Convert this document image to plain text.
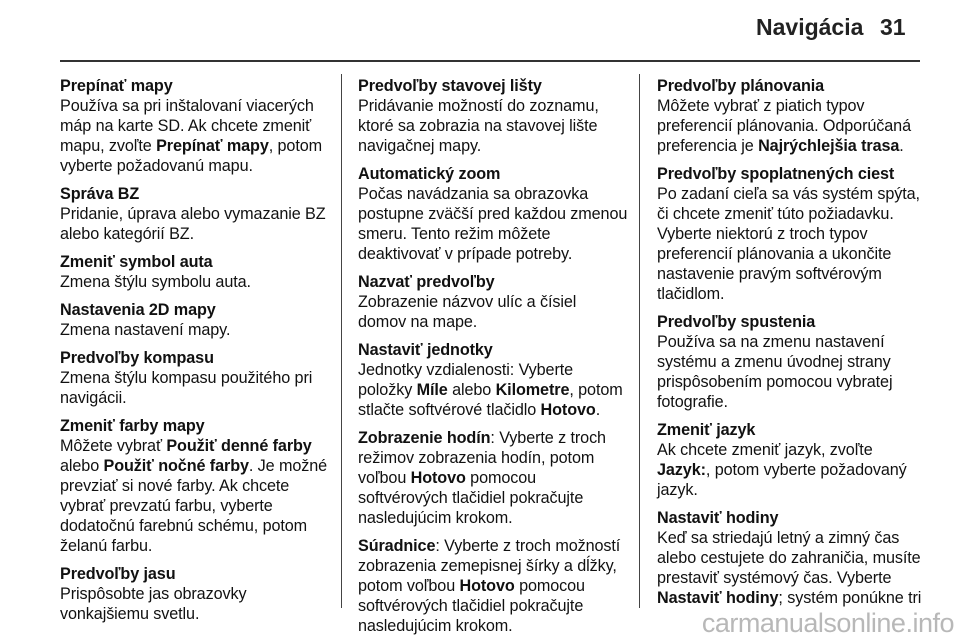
Navigácia 31
Prepínať mapy
Používa sa pri inštalovaní viacerých máp na karte SD. Ak chcete zmeniť mapu, zvoľte Prepínať mapy, potom vyberte požadovanú mapu.
Správa BZ
Pridanie, úprava alebo vymazanie BZ alebo kategórií BZ.
Zmeniť symbol auta
Zmena štýlu symbolu auta.
Nastavenia 2D mapy
Zmena nastavení mapy.
Predvoľby kompasu
Zmena štýlu kompasu použitého pri navigácii.
Zmeniť farby mapy
Môžete vybrať Použiť denné farby alebo Použiť nočné farby. Je možné prevziať si nové farby. Ak chcete vybrať prevzatú farbu, vyberte dodatočnú farebnú schému, potom želanú farbu.
Predvoľby jasu
Prispôsobte jas obrazovky vonkajšiemu svetlu.
Predvoľby stavovej lišty
Pridávanie možností do zoznamu, ktoré sa zobrazia na stavovej lište navigačnej mapy.
Automatický zoom
Počas navádzania sa obrazovka postupne zväčší pred každou zmenou smeru. Tento režim môžete deaktivovať v prípade potreby.
Nazvať predvoľby
Zobrazenie názvov ulíc a čísiel domov na mape.
Nastaviť jednotky
Jednotky vzdialenosti: Vyberte položky Míle alebo Kilometre, potom stlačte softvérové tlačidlo Hotovo.
Zobrazenie hodín: Vyberte z troch režimov zobrazenia hodín, potom voľbou Hotovo pomocou softvérových tlačidiel pokračujte nasledujúcim krokom.
Súradnice: Vyberte z troch možností zobrazenia zemepisnej šírky a dĺžky, potom voľbou Hotovo pomocou softvérových tlačidiel pokračujte nasledujúcim krokom.
Predvoľby plánovania
Môžete vybrať z piatich typov preferencií plánovania. Odporúčaná preferencia je Najrýchlejšia trasa.
Predvoľby spoplatnených ciest
Po zadaní cieľa sa vás systém spýta, či chcete zmeniť túto požiadavku. Vyberte niektorú z troch typov preferencií plánovania a ukončite nastavenie pravým softvérovým tlačidlom.
Predvoľby spustenia
Používa sa na zmenu nastavení systému a zmenu úvodnej strany prispôsobením pomocou vybratej fotografie.
Zmeniť jazyk
Ak chcete zmeniť jazyk, zvoľte Jazyk:, potom vyberte požadovaný jazyk.
Nastaviť hodiny
Keď sa striedajú letný a zimný čas alebo cestujete do zahraničia, musíte prestaviť systémový čas. Vyberte Nastaviť hodiny; systém ponúkne tri
carmanualsonline.info
